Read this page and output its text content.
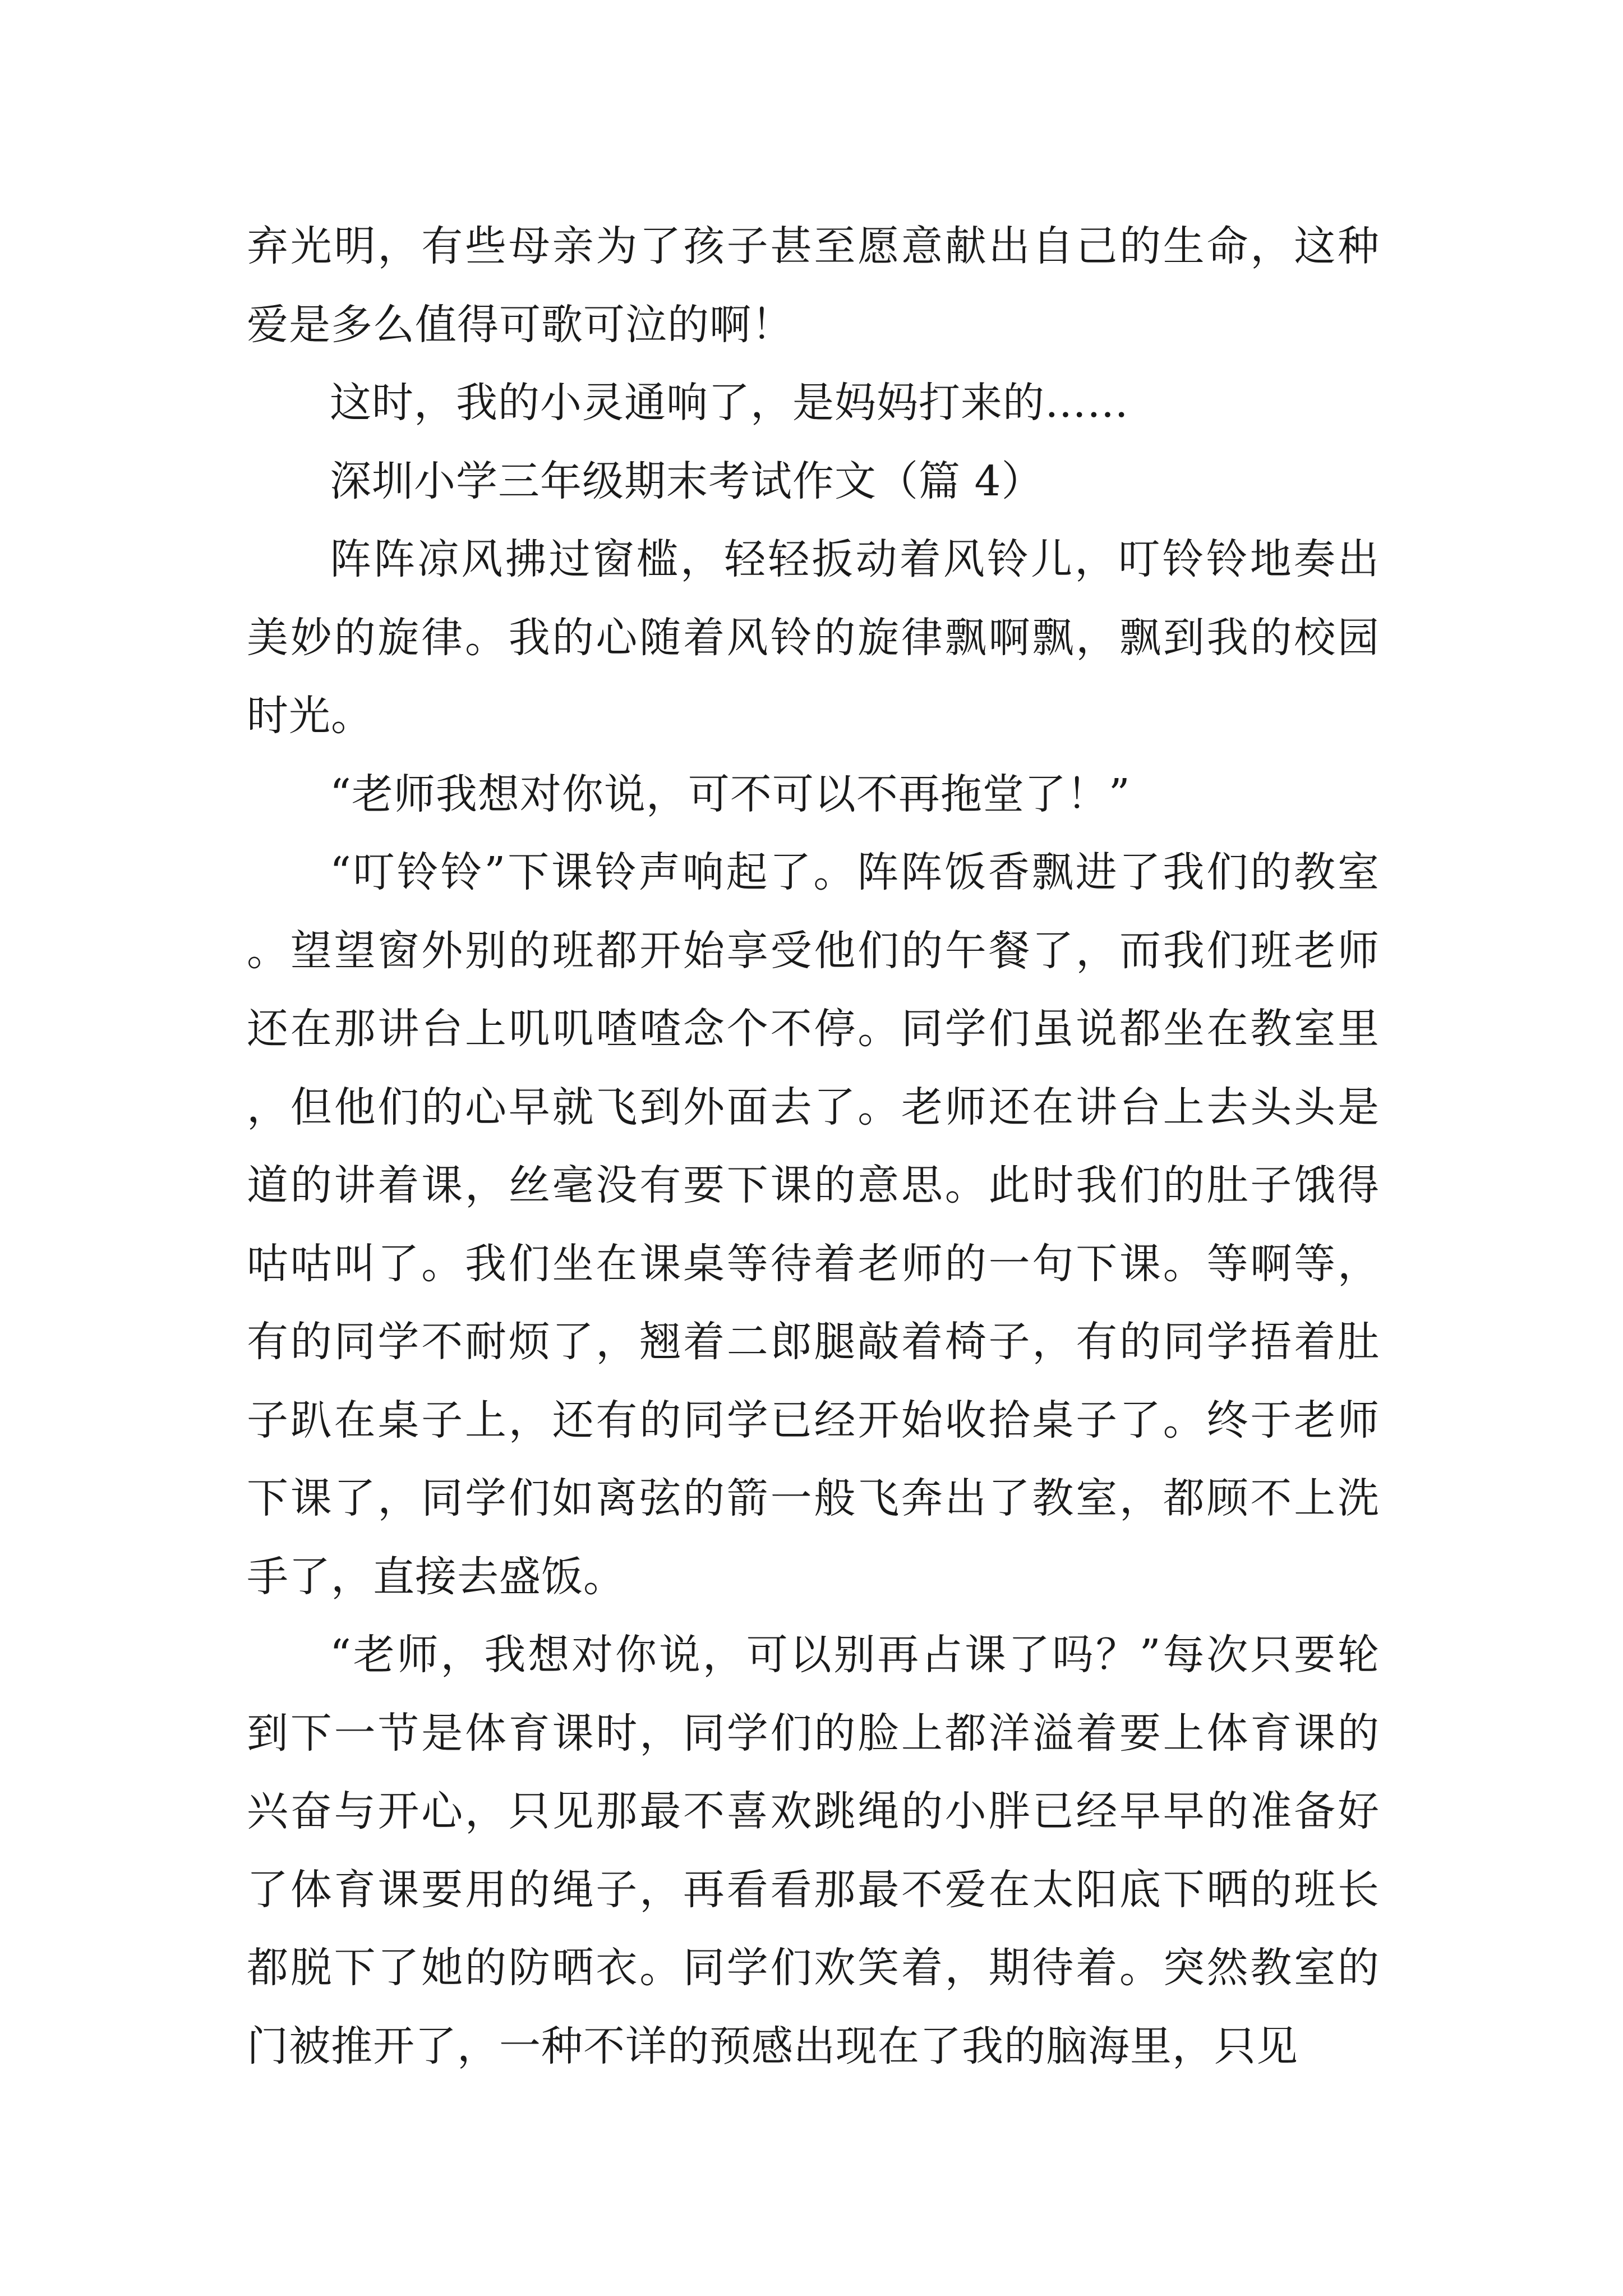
弃光明，有些母亲为了孩子甚至愿意献出自己的生命，这种爱是多么值得可歌可泣的啊！

这时，我的小灵通响了，是妈妈打来的……

深圳小学三年级期末考试作文（篇 4）

阵阵凉风拂过窗槛，轻轻扳动着风铃儿，叮铃铃地奏出美妙的旋律。我的心随着风铃的旋律飘啊飘，飘到我的校园时光。

“老师我想对你说，可不可以不再拖堂了！”

“叮铃铃”下课铃声响起了。阵阵饭香飘进了我们的教室。望望窗外别的班都开始享受他们的午餐了，而我们班老师还在那讲台上叽叽喳喳念个不停。同学们虽说都坐在教室里，但他们的心早就飞到外面去了。老师还在讲台上去头头是道的讲着课，丝毫没有要下课的意思。此时我们的肚子饿得咕咕叫了。我们坐在课桌等待着老师的一句下课。等啊等，有的同学不耐烦了，翘着二郎腿敲着椅子，有的同学捂着肚子趴在桌子上，还有的同学已经开始收拾桌子了。终于老师下课了，同学们如离弦的箭一般飞奔出了教室，都顾不上洗手了，直接去盛饭。

“老师，我想对你说，可以别再占课了吗？”每次只要轮到下一节是体育课时，同学们的脸上都洋溢着要上体育课的兴奋与开心，只见那最不喜欢跳绳的小胖已经早早的准备好了体育课要用的绳子，再看看那最不爱在太阳底下晒的班长都脱下了她的防晒衣。同学们欢笑着，期待着。突然教室的门被推开了，一种不详的预感出现在了我的脑海里，只见
